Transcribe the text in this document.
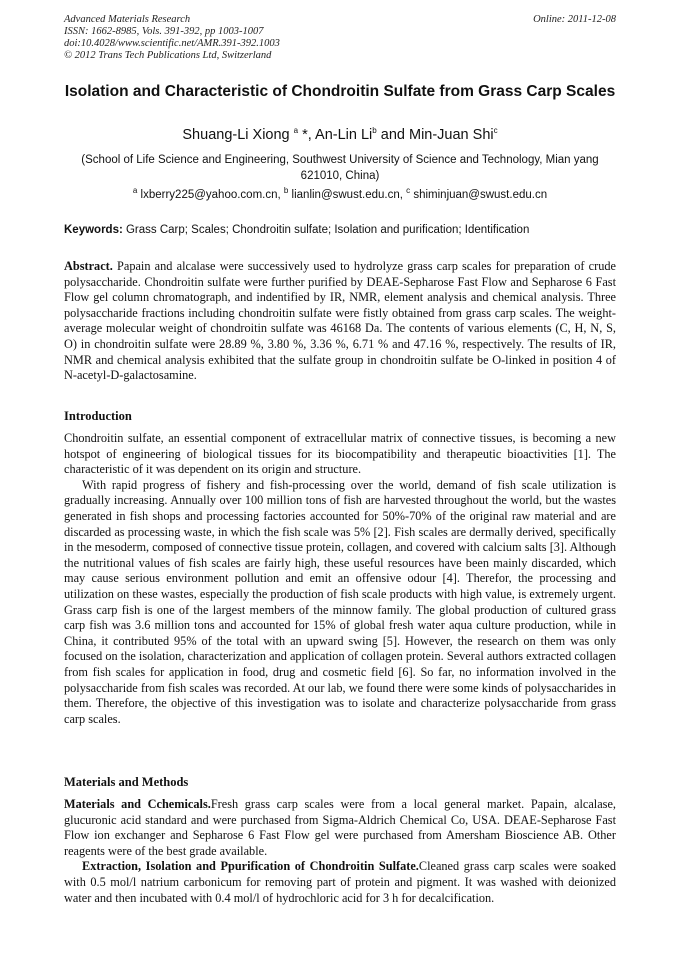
Advanced Materials Research
ISSN: 1662-8985, Vols. 391-392, pp 1003-1007
doi:10.4028/www.scientific.net/AMR.391-392.1003
© 2012 Trans Tech Publications Ltd, Switzerland
Online: 2011-12-08
Isolation and Characteristic of Chondroitin Sulfate from Grass Carp Scales
Shuang-Li Xiong $^a$ *, An-Lin Li$^b$ and Min-Juan Shi$^c$
(School of Life Science and Engineering, Southwest University of Science and Technology, Mian yang 621010, China)
$^a$ lxberry225@yahoo.com.cn, $^b$ lianlin@swust.edu.cn, $^c$ shiminjuan@swust.edu.cn
Keywords: Grass Carp; Scales; Chondroitin sulfate; Isolation and purification; Identification

Abstract. Papain and alcalase were successively used to hydrolyze grass carp scales for preparation of crude polysaccharide. Chondroitin sulfate were further purified by DEAE-Sepharose Fast Flow and Sepharose 6 Fast Flow gel column chromatograph, and indentified by IR, NMR, element analysis and chemical analysis. Three polysaccharide fractions including chondroitin sulfate were fistly obtained from grass carp scales. The weight-average molecular weight of chondroitin sulfate was 46168 Da. The contents of various elements (C, H, N, S, O) in chondroitin sulfate were 28.89 %, 3.80 %, 3.36 %, 6.71 % and 47.16 %, respectively. The results of IR, NMR and chemical analysis exhibited that the sulfate group in chondroitin sulfate be O-linked in position 4 of N-acetyl-D-galactosamine.

Introduction

Chondroitin sulfate, an essential component of extracellular matrix of connective tissues, is becoming a new hotspot of engineering of biological tissues for its biocompatibility and therapeutic bioactivities [1]. The characteristic of it was dependent on its origin and structure.

With rapid progress of fishery and fish-processing over the world, demand of fish scale utilization is gradually increasing. Annually over 100 million tons of fish are harvested throughout the world, but the wastes generated in fish shops and processing factories accounted for 50%-70% of the original raw material and are discarded as processing waste, in which the fish scale was 5% [2]. Fish scales are dermally derived, specifically in the mesoderm, composed of connective tissue protein, collagen, and covered with calcium salts [3]. Although the nutritional values of fish scales are fairly high, these useful resources have been mainly discarded, which may cause serious environment pollution and emit an offensive odour [4]. Therefor, the processing and utilization on these wastes, especially the production of fish scale products with high value, is extremely urgent. Grass carp fish is one of the largest members of the minnow family. The global production of cultured grass carp fish was 3.6 million tons and accounted for 15% of global fresh water aqua culture production, while in China, it contributed 95% of the total with an upward swing [5]. However, the research on them was only focused on the isolation, characterization and application of collagen protein. Several authors extracted collagen from fish scales for application in food, drug and cosmetic field [6]. So far, no information involved in the polysaccharide from fish scales was recorded. At our lab, we found there were some kinds of polysaccharides in them. Therefore, the objective of this investigation was to isolate and characterize polysaccharide from grass carp scales.

Materials and Methods

Materials and Cchemicals.Fresh grass carp scales were from a local general market. Papain, alcalase, glucuronic acid standard and were purchased from Sigma-Aldrich Chemical Co, USA. DEAE-Sepharose Fast Flow ion exchanger and Sepharose 6 Fast Flow gel were purchased from Amersham Bioscience AB. Other reagents were of the best grade available.

Extraction, Isolation and Ppurification of Chondroitin Sulfate.Cleaned grass carp scales were soaked with 0.5 mol/l natrium carbonicum for removing part of protein and pigment. It was washed with deionized water and then incubated with 0.4 mol/l of hydrochloric acid for 3 h for decalcification.
